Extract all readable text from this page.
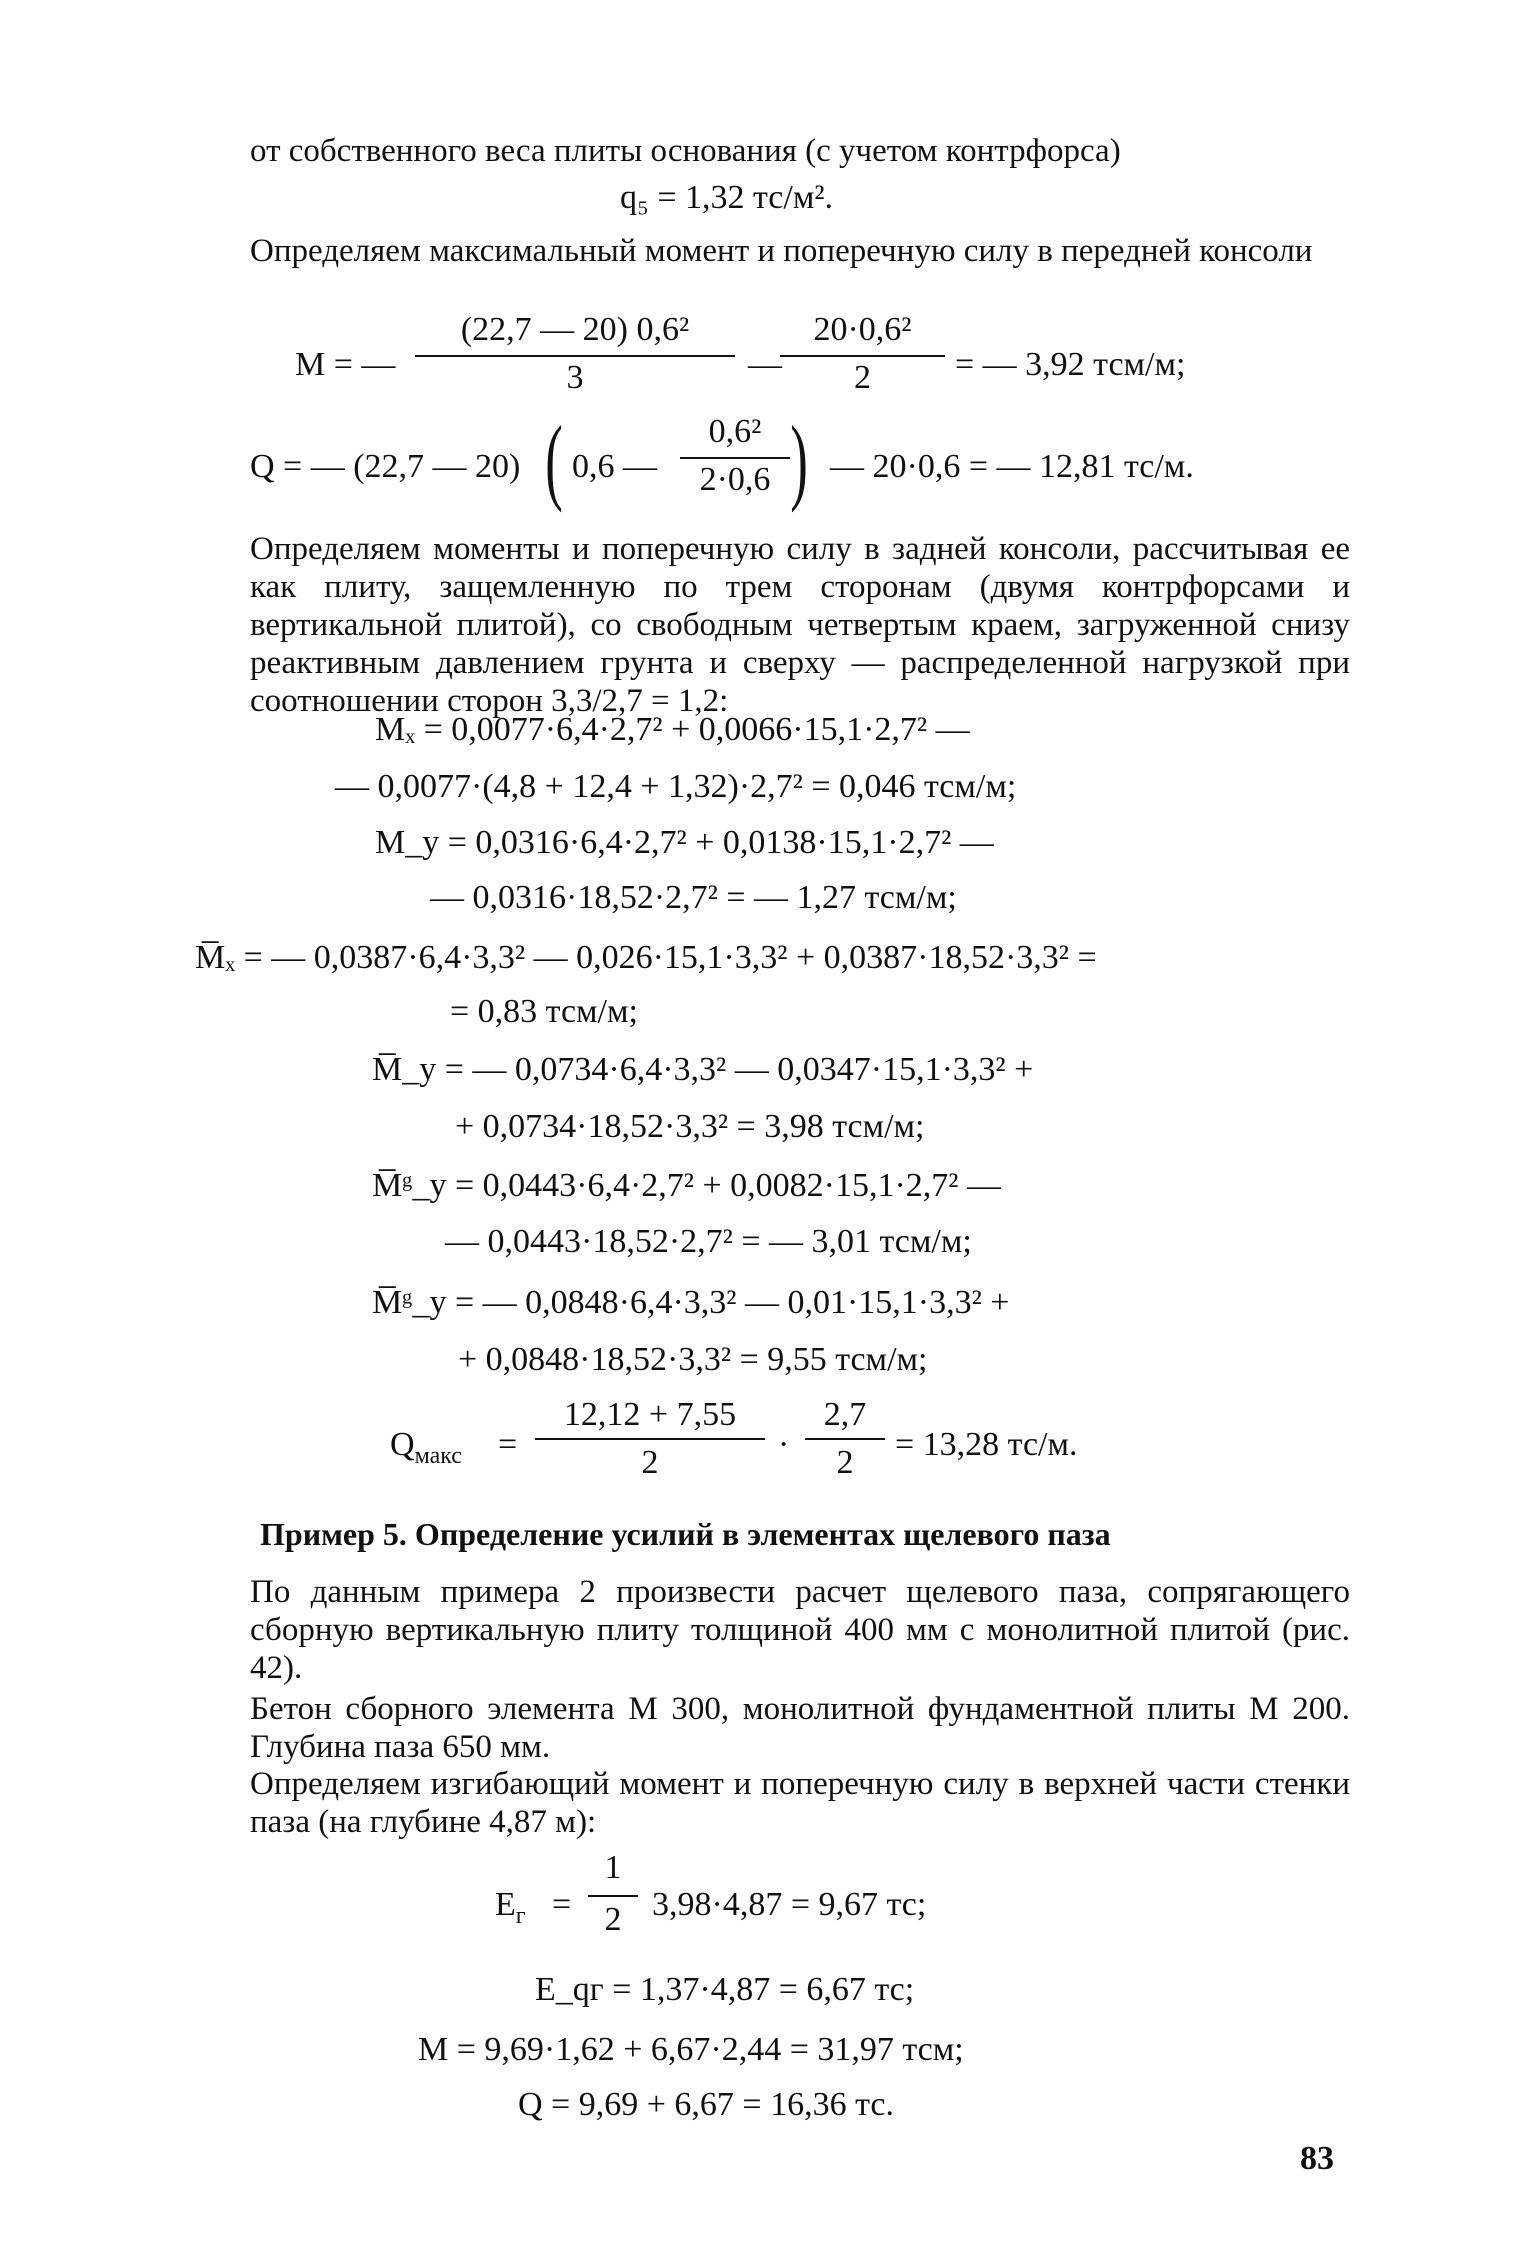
от собственного веса плиты основания (с учетом контрфорса)
q₅ = 1,32 тс/м².
Определяем максимальный момент и поперечную силу в передней консоли
M = —
(22,7 — 20) 0,6²
3	—
20·0,6²
2	= — 3,92 тсм/м;
Q = — (22,7 — 20) ( 0,6 —
0,6²
2·0,6 ) — 20·0,6 = — 12,81 тс/м.
Определяем моменты и поперечную силу в задней консоли, рассчитывая ее как плиту, защемленную по трем сторонам (двумя контрфорсами и вертикальной плитой), со свободным четвертым краем, загруженной снизу реактивным давлением грунта и сверху — распределенной нагрузкой при соотношении сторон 3,3/2,7 = 1,2:
Mₓ = 0,0077·6,4·2,7² + 0,0066·15,1·2,7² —
— 0,0077·(4,8 + 12,4 + 1,32)·2,7² = 0,046 тсм/м;
M_y = 0,0316·6,4·2,7² + 0,0138·15,1·2,7² —
— 0,0316·18,52·2,7² = — 1,27 тсм/м;
M̅ₓ = — 0,0387·6,4·3,3² — 0,026·15,1·3,3² + 0,0387·18,52·3,3² =
= 0,83 тсм/м;
M̅_y = — 0,0734·6,4·3,3² — 0,0347·15,1·3,3² +
+ 0,0734·18,52·3,3² = 3,98 тсм/м;
M̅ᵍ_y = 0,0443·6,4·2,7² + 0,0082·15,1·2,7² —
— 0,0443·18,52·2,7² = — 3,01 тсм/м;
M̅ᵍ_y = — 0,0848·6,4·3,3² — 0,01·15,1·3,3² +
+ 0,0848·18,52·3,3² = 9,55 тсм/м;
$Q_{макс}$ =
12,12 + 7,55
2	·
2,7
2	= 13,28 тс/м.
Пример 5. Определение усилий в элементах щелевого паза
По данным примера 2 произвести расчет щелевого паза, сопрягающего сборную вертикальную плиту толщиной 400 мм с монолитной плитой (рис. 42).
Бетон сборного элемента М 300, монолитной фундаментной плиты М 200. Глубина паза 650 мм.
Определяем изгибающий момент и поперечную силу в верхней части стенки паза (на глубине 4,87 м):
$E_г$ =
1
2 3,98·4,87 = 9,67 тс;
E_qг = 1,37·4,87 = 6,67 тс;
M = 9,69·1,62 + 6,67·2,44 = 31,97 тсм;
Q = 9,69 + 6,67 = 16,36 тс.
83
